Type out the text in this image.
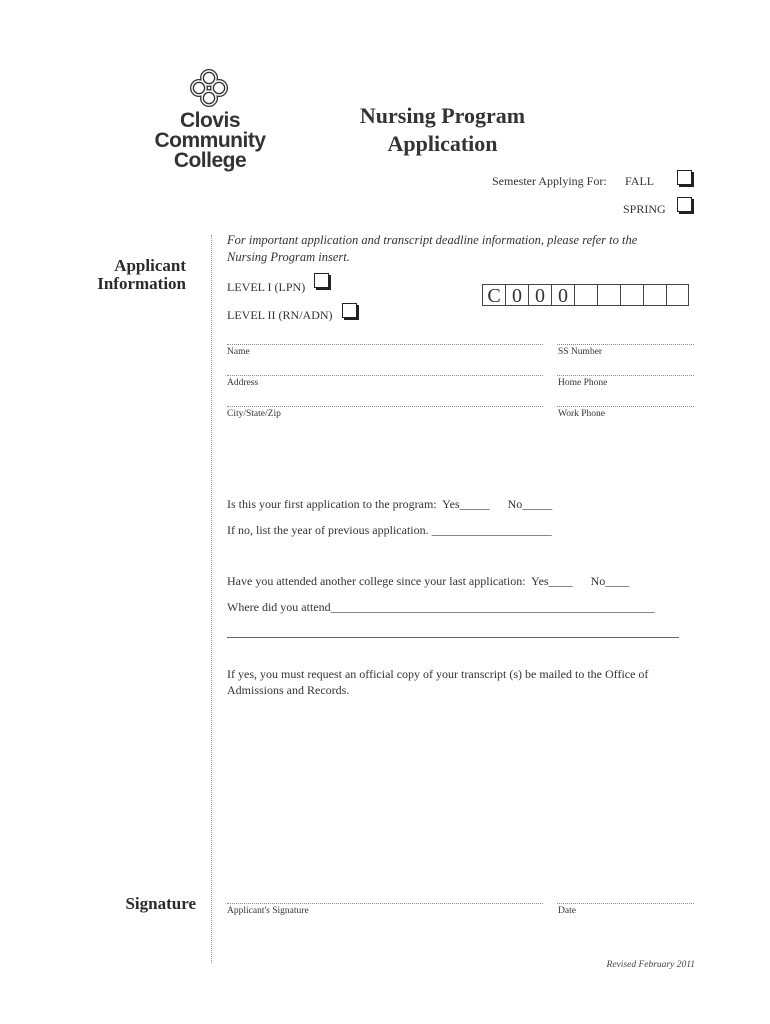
Clovis
Community
College
Nursing Program
Application
Semester Applying For: FALL
SPRING
Applicant
Information
For important application and transcript deadline information, please refer to the
Nursing Program insert.
LEVEL I (LPN)
LEVEL II (RN/ADN)
C 0 0 0
Name	SS Number
Address	Home Phone
City/State/Zip	Work Phone
Is this your first application to the program:  Yes_____      No_____
If no, list the year of previous application. ____________________
Have you attended another college since your last application:  Yes____      No____
Where did you attend______________________________________________________
If yes, you must request an official copy of your transcript (s) be mailed to the Office of
Admissions and Records.
Signature	Applicant's Signature	Date
Revised February 2011
